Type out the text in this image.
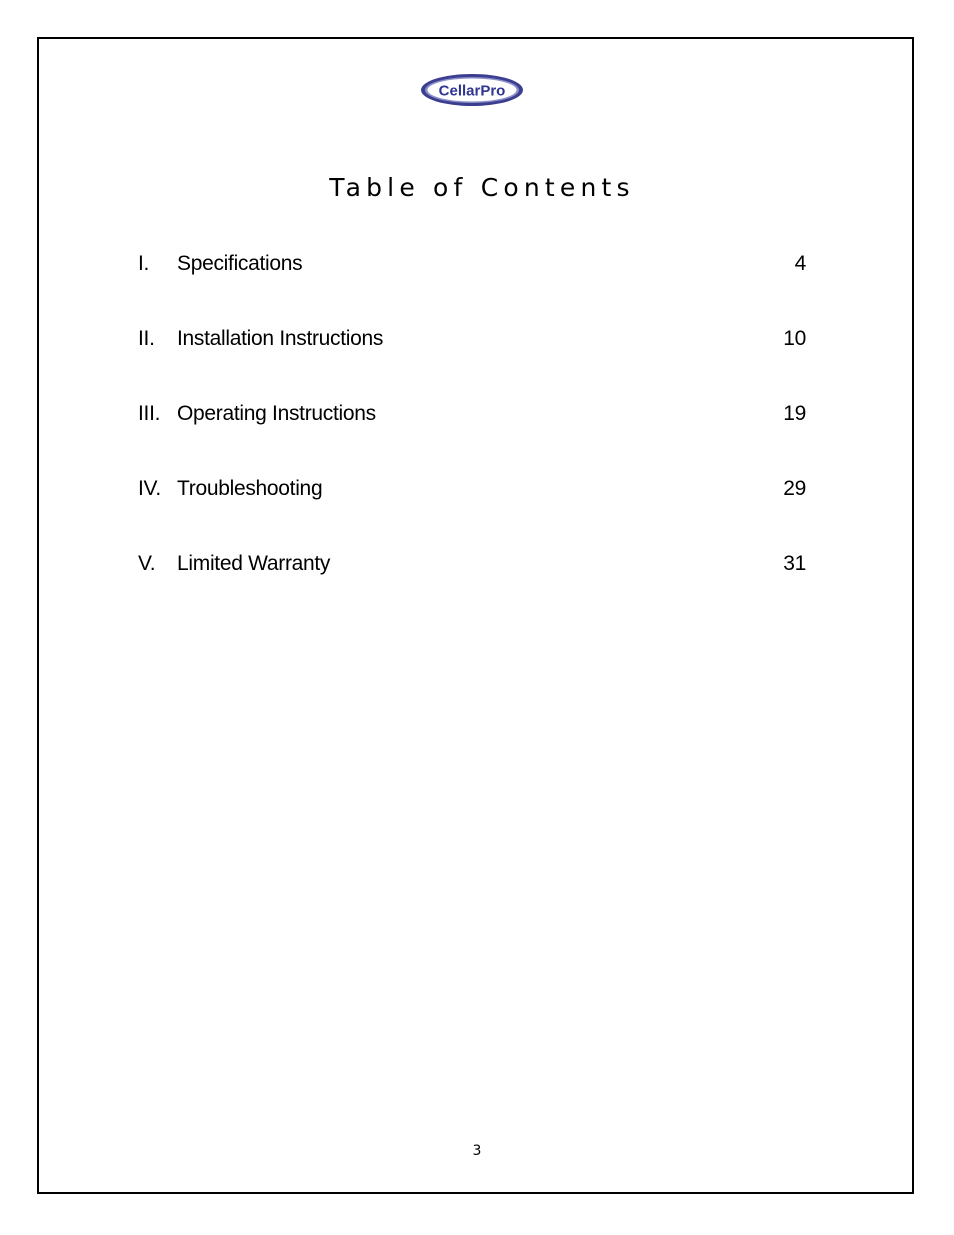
CellarPro
Table of Contents
I. Specifications	4
II. Installation Instructions	10
III. Operating Instructions	19
IV. Troubleshooting	29
V. Limited Warranty	31
3
